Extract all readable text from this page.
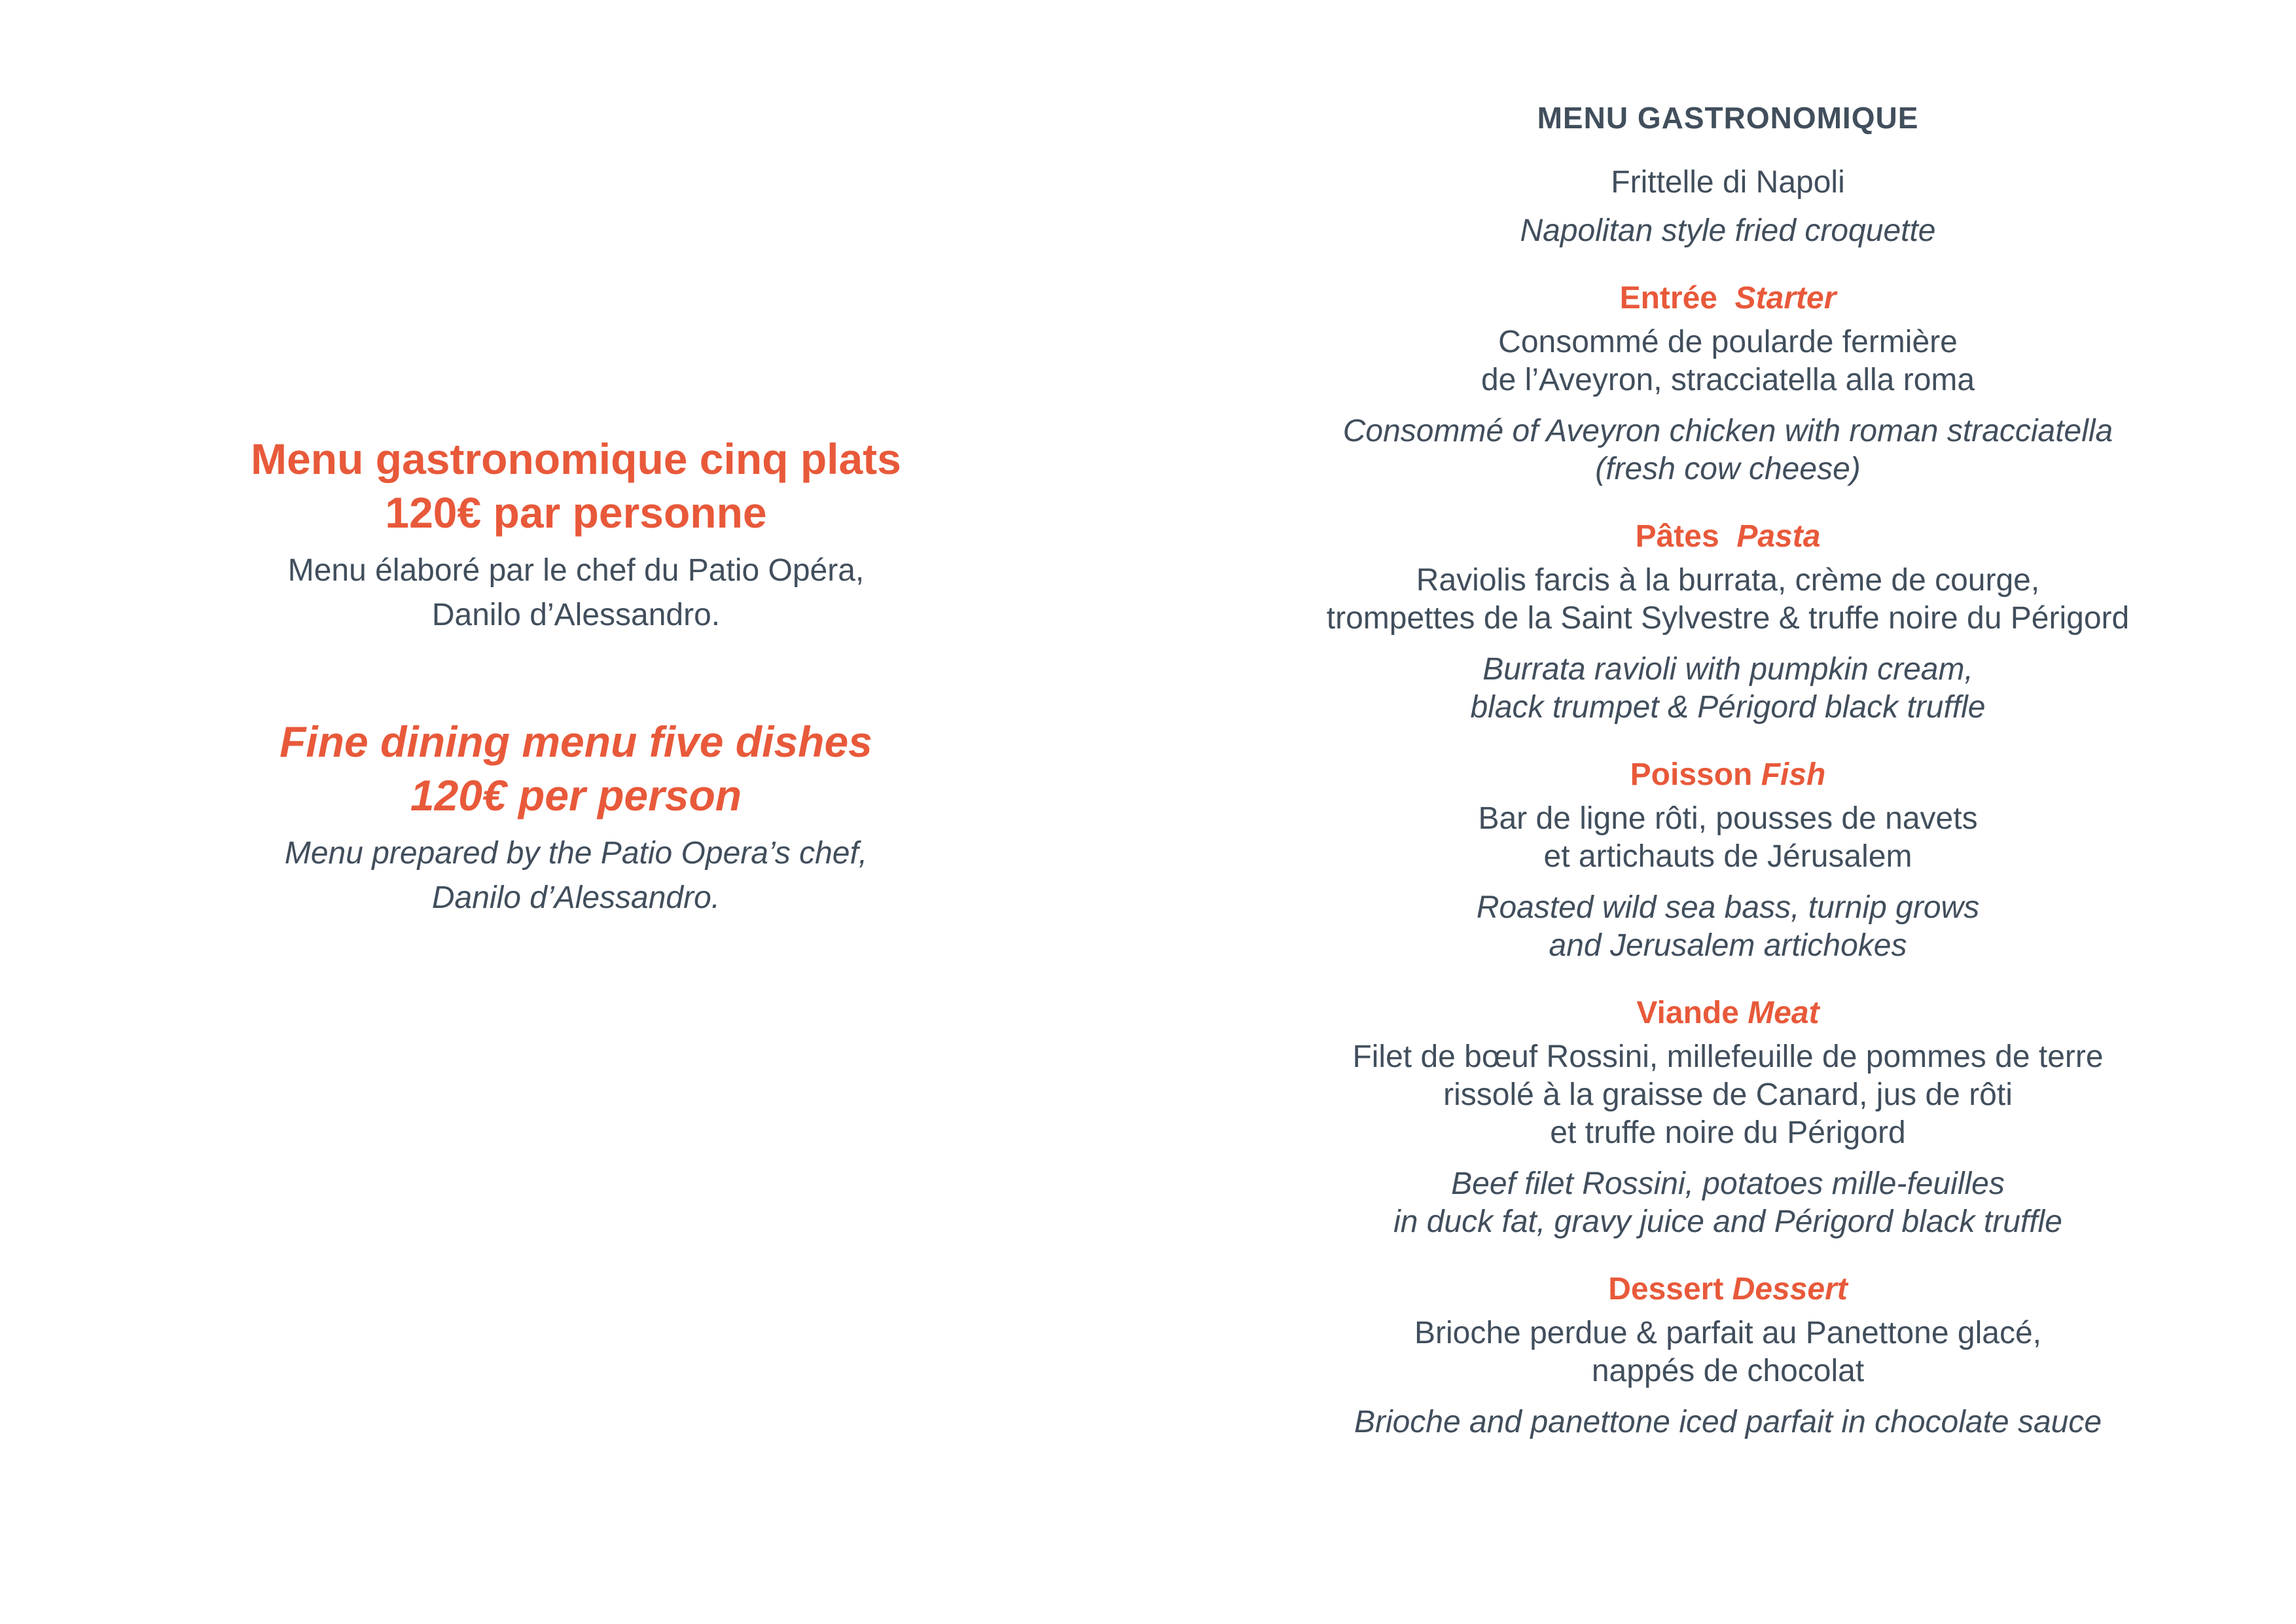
Menu gastronomique cinq plats
120€ par personne

Menu élaboré par le chef du Patio Opéra,
Danilo d’Alessandro.

Fine dining menu five dishes
120€ per person

Menu prepared by the Patio Opera’s chef,
Danilo d’Alessandro.

MENU GASTRONOMIQUE

Frittelle di Napoli

Napolitan style fried croquette

Entrée Starter

Consommé de poularde fermière
de l’Aveyron, stracciatella alla roma

Consommé of Aveyron chicken with roman stracciatella
(fresh cow cheese)

Pâtes Pasta

Raviolis farcis à la burrata, crème de courge,
trompettes de la Saint Sylvestre & truffe noire du Périgord

Burrata ravioli with pumpkin cream,
black trumpet & Périgord black truffle

Poisson Fish

Bar de ligne rôti, pousses de navets
et artichauts de Jérusalem

Roasted wild sea bass, turnip grows
and Jerusalem artichokes

Viande Meat

Filet de bœuf Rossini, millefeuille de pommes de terre
rissolé à la graisse de Canard, jus de rôti
et truffe noire du Périgord

Beef filet Rossini, potatoes mille-feuilles
in duck fat, gravy juice and Périgord black truffle

Dessert Dessert

Brioche perdue & parfait au Panettone glacé,
nappés de chocolat

Brioche and panettone iced parfait in chocolate sauce
